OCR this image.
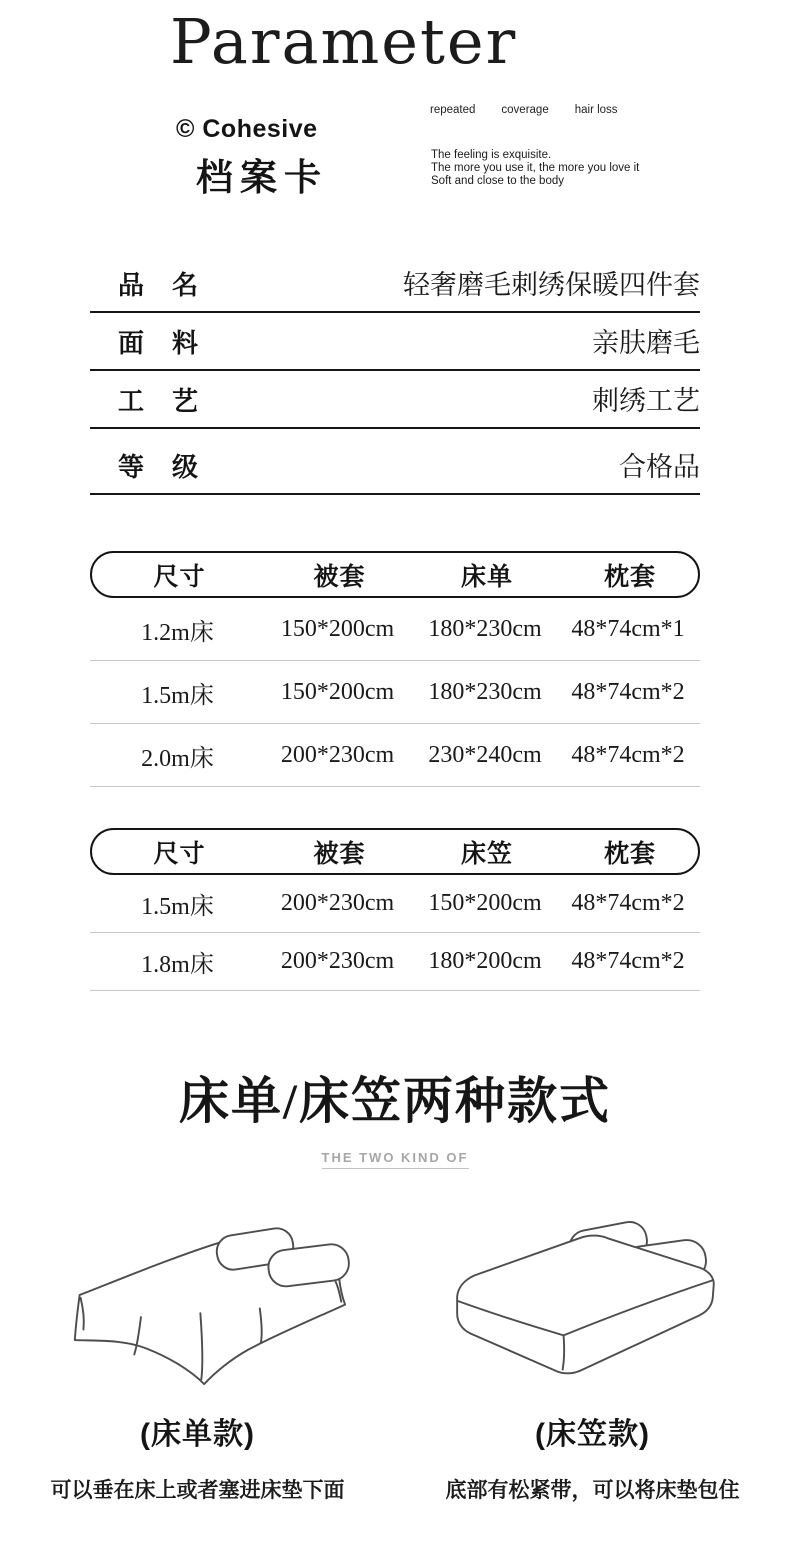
Parameter
© Cohesive
档案卡
repeated coverage hair loss
The feeling is exquisite.
The more you use it, the more you love it
Soft and close to the body
品　名	轻奢磨毛刺绣保暖四件套
面　料	亲肤磨毛
工　艺	刺绣工艺
等　级	合格品
尺寸	被套	床单	枕套
1.2m床	150*200cm	180*230cm	48*74cm*1
1.5m床	150*200cm	180*230cm	48*74cm*2
2.0m床	200*230cm	230*240cm	48*74cm*2
尺寸	被套	床笠	枕套
1.5m床	200*230cm	150*200cm	48*74cm*2
1.8m床	200*230cm	180*200cm	48*74cm*2
床单/床笠两种款式
THE TWO KIND OF
(床单款)	(床笠款)
可以垂在床上或者塞进床垫下面	底部有松紧带，可以将床垫包住
